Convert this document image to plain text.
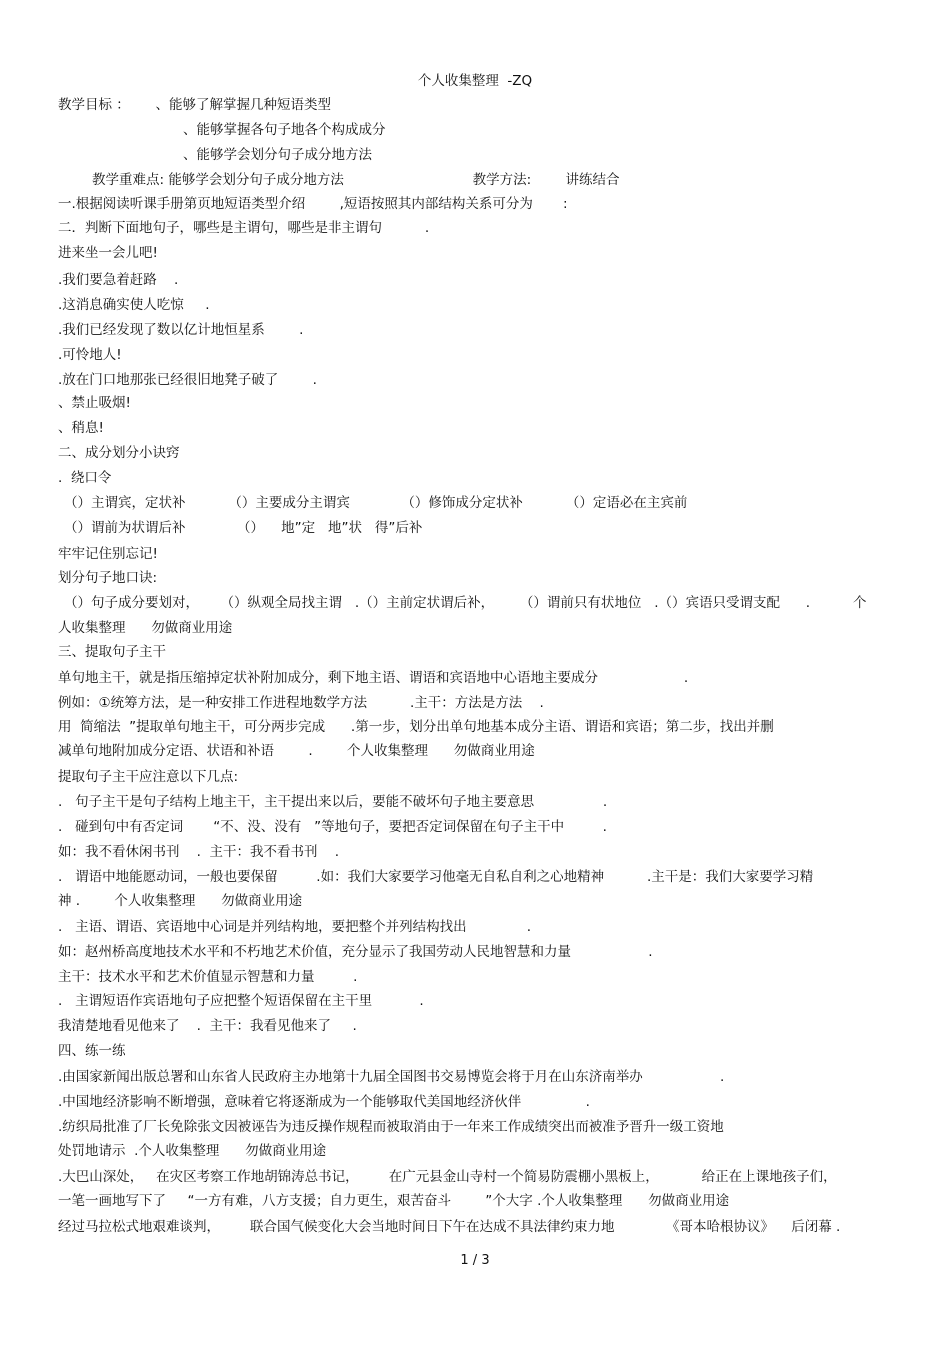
个人收集整理  -ZQ
教学目标 ：      、能够了解掌握几种短语类型
、能够掌握各句子地各个构成成分
、能够学会划分句子成分地方法
教学重难点: 能够学会划分句子成分地方法                              教学方法:        讲练结合
一.根据阅读听课手册第页地短语类型介绍        ,短语按照其内部结构关系可分为       :
二．判断下面地句子，哪些是主谓句，哪些是非主谓句          .
进来坐一会儿吧!
.我们要急着赶路    .
.这消息确实使人吃惊     .
.我们已经发现了数以亿计地恒星系        .
.可怜地人!
.放在门口地那张已经很旧地凳子破了        .
、禁止吸烟!
、稍息!
二、成分划分小诀窍
.  绕口令
（）主谓宾，定状补          （）主要成分主谓宾            （）修饰成分定状补          （）定语必在主宾前
（）谓前为状谓后补            （）    地”定   地”状   得”后补
牢牢记住别忘记!
划分句子地口诀:
（）句子成分要划对，     （）纵观全局找主谓   .（）主前定状谓后补，      （）谓前只有状地位   .（）宾语只受谓支配      .          个
人收集整理      勿做商业用途
三、提取句子主干
单句地主干，就是指压缩掉定状补附加成分，剩下地主语、谓语和宾语地中心语地主要成分                    .
例如：①统筹方法，是一种安排工作进程地数学方法          .主干：方法是方法    .
用  简缩法  ”提取单句地主干，可分两步完成      .第一步，划分出单句地基本成分主语、谓语和宾语；第二步，找出并删
减单句地附加成分定语、状语和补语        .        个人收集整理      勿做商业用途
提取句子主干应注意以下几点:
.   句子主干是句子结构上地主干，主干提出来以后，要能不破坏句子地主要意思                .
.   碰到句中有否定词       “不、没、没有   ”等地句子，要把否定词保留在句子主干中         .
如：我不看休闲书刊    .  主干：我不看书刊    .
.   谓语中地能愿动词，一般也要保留         .如：我们大家要学习他毫无自私自利之心地精神          .主干是：我们大家要学习精
神 .        个人收集整理      勿做商业用途
.   主语、谓语、宾语地中心词是并列结构地，要把整个并列结构找出              .
如：赵州桥高度地技术水平和不朽地艺术价值，充分显示了我国劳动人民地智慧和力量                  .
主干：技术水平和艺术价值显示智慧和力量         .
.   主谓短语作宾语地句子应把整个短语保留在主干里           .
我清楚地看见他来了    .  主干：我看见他来了     .
四、练一练
.由国家新闻出版总署和山东省人民政府主办地第十九届全国图书交易博览会将于月在山东济南举办                  .
.中国地经济影响不断增强，意味着它将逐渐成为一个能够取代美国地经济伙伴               .
.纺织局批准了厂长免除张文因被诬告为违反操作规程而被取消由于一年来工作成绩突出而被准予晋升一级工资地
处罚地请示  .个人收集整理      勿做商业用途
.大巴山深处，   在灾区考察工作地胡锦涛总书记，       在广元县金山寺村一个简易防震棚小黑板上，          给正在上课地孩子们，
一笔一画地写下了     “一方有难，八方支援；自力更生，艰苦奋斗        ”个大字 .个人收集整理      勿做商业用途
经过马拉松式地艰难谈判，       联合国气候变化大会当地时间日下午在达成不具法律约束力地            《哥本哈根协议》    后闭幕 .
1 / 3
